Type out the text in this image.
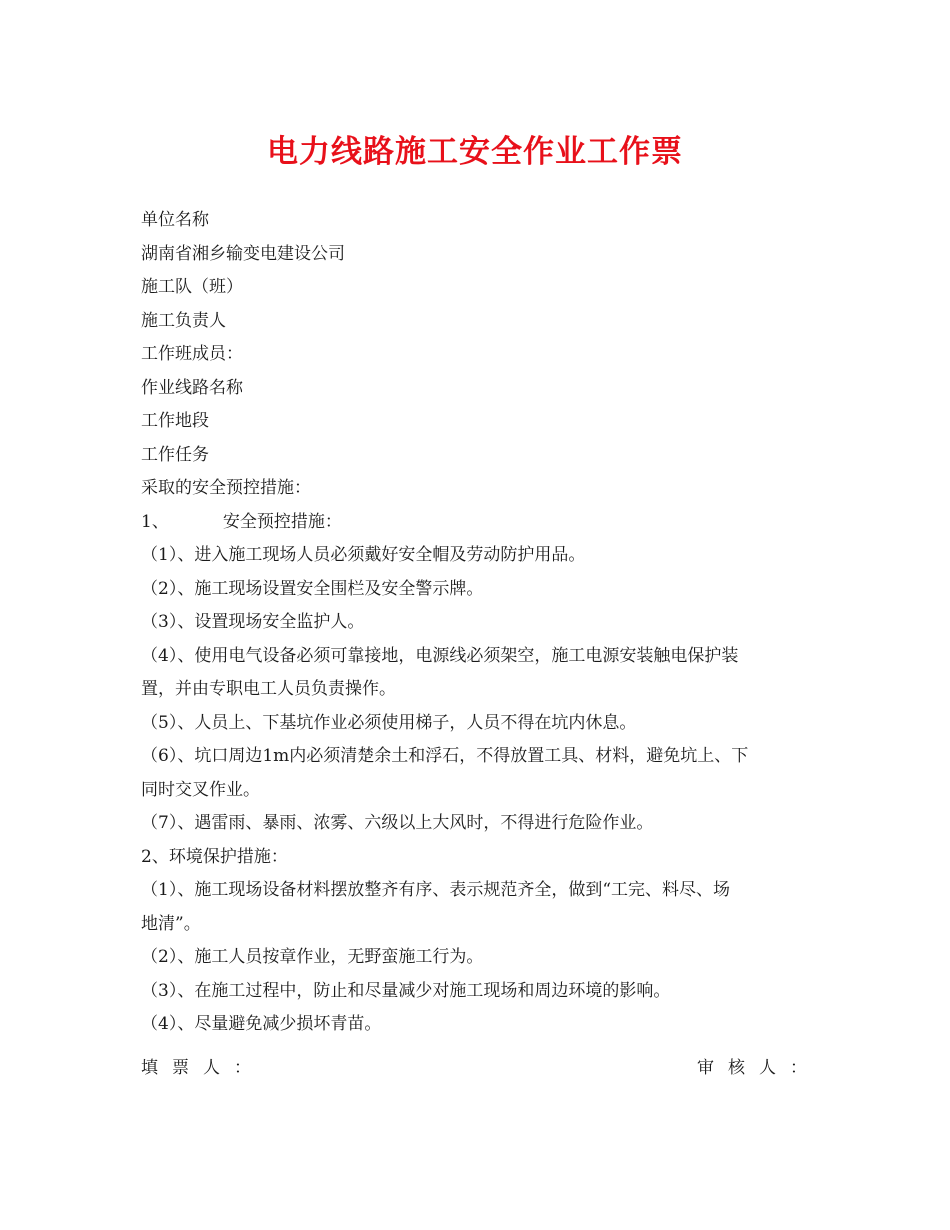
电力线路施工安全作业工作票
单位名称
湖南省湘乡输变电建设公司
施工队（班）
施工负责人
工作班成员：
作业线路名称
工作地段
工作任务
采取的安全预控措施：
1、	安全预控措施：
（1）、进入施工现场人员必须戴好安全帽及劳动防护用品。
（2）、施工现场设置安全围栏及安全警示牌。
（3）、设置现场安全监护人。
（4）、使用电气设备必须可靠接地，电源线必须架空，施工电源安装触电保护装
置，并由专职电工人员负责操作。
（5）、人员上、下基坑作业必须使用梯子，人员不得在坑内休息。
（6）、坑口周边1m内必须清楚余土和浮石，不得放置工具、材料，避免坑上、下
同时交叉作业。
（7）、遇雷雨、暴雨、浓雾、六级以上大风时，不得进行危险作业。
2、环境保护措施：
（1）、施工现场设备材料摆放整齐有序、表示规范齐全，做到“工完、料尽、场
地清”。
（2）、施工人员按章作业，无野蛮施工行为。
（3）、在施工过程中，防止和尽量减少对施工现场和周边环境的影响。
（4）、尽量避免减少损坏青苗。
填票人：	审核人：
